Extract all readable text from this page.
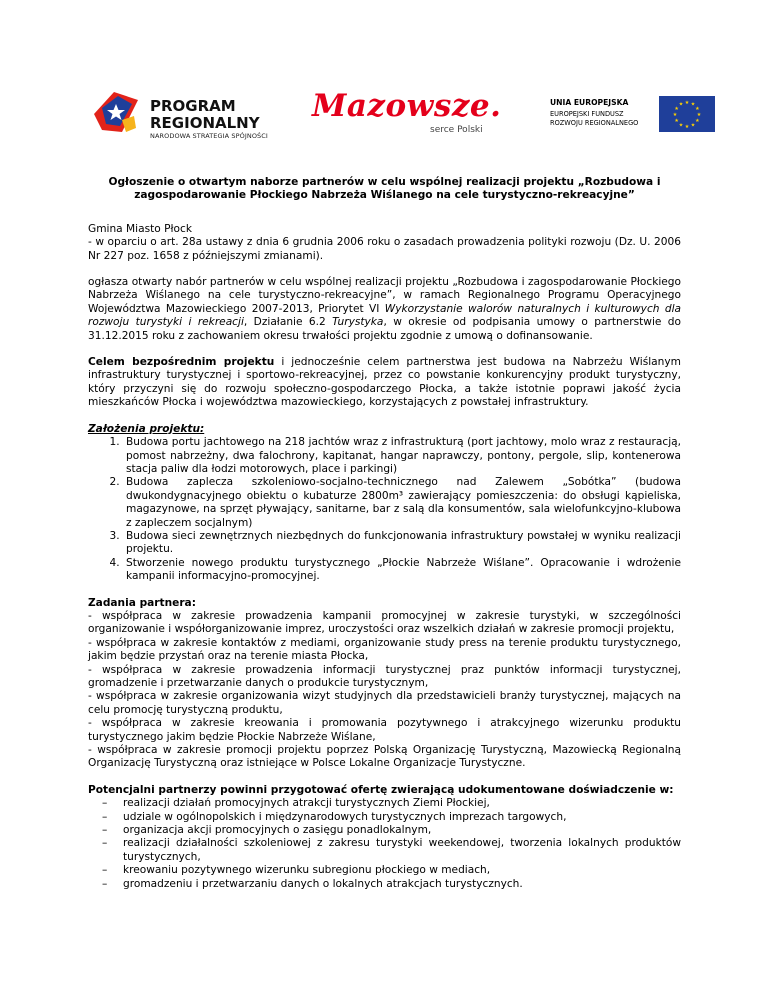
PROGRAM
REGIONALNY
NARODOWA STRATEGIA SPÓJNOŚCI
Mazowsze.
serce Polski
UNIA EUROPEJSKA
EUROPEJSKI FUNDUSZ
ROZWOJU REGIONALNEGO
★ ★
★
★
★
★
★
★
★
★
★
★
Ogłoszenie o otwartym naborze partnerów w celu wspólnej realizacji projektu „Rozbudowa i zagospodarowanie Płockiego Nabrzeża Wiślanego na cele turystyczno-rekreacyjne”

Gmina Miasto Płock
- w oparciu o art. 28a ustawy z dnia 6 grudnia 2006 roku o zasadach prowadzenia polityki rozwoju (Dz. U. 2006 Nr 227 poz. 1658 z późniejszymi zmianami).

ogłasza otwarty nabór partnerów w celu wspólnej realizacji projektu „Rozbudowa i zagospodarowanie Płockiego Nabrzeża Wiślanego na cele turystyczno-rekreacyjne”, w ramach Regionalnego Programu Operacyjnego Województwa Mazowieckiego 2007-2013, Priorytet VI Wykorzystanie walorów naturalnych i kulturowych dla rozwoju turystyki i rekreacji, Działanie 6.2 Turystyka, w okresie od podpisania umowy o partnerstwie do 31.12.2015 roku z zachowaniem okresu trwałości projektu zgodnie z umową o dofinansowanie.

Celem bezpośrednim projektu i jednocześnie celem partnerstwa jest budowa na Nabrzeżu Wiślanym infrastruktury turystycznej i sportowo-rekreacyjnej, przez co powstanie konkurencyjny produkt turystyczny, który przyczyni się do rozwoju społeczno-gospodarczego Płocka, a także istotnie poprawi jakość życia mieszkańców Płocka i województwa mazowieckiego, korzystających z powstałej infrastruktury.

Założenia projektu:
1. Budowa portu jachtowego na 218 jachtów wraz z infrastrukturą (port jachtowy, molo wraz z restauracją, pomost nabrzeżny, dwa falochrony, kapitanat, hangar naprawczy, pontony, pergole, slip, kontenerowa stacja paliw dla łodzi motorowych, place i parkingi)
2. Budowa zaplecza szkoleniowo-socjalno-technicznego nad Zalewem „Sobótka” (budowa dwukondygnacyjnego obiektu o kubaturze 2800m³ zawierający pomieszczenia: do obsługi kąpieliska, magazynowe, na sprzęt pływający, sanitarne, bar z salą dla konsumentów, sala wielofunkcyjno-klubowa z zapleczem socjalnym)
3. Budowa sieci zewnętrznych niezbędnych do funkcjonowania infrastruktury powstałej w wyniku realizacji projektu.
4. Stworzenie nowego produktu turystycznego „Płockie Nabrzeże Wiślane”. Opracowanie i wdrożenie kampanii informacyjno-promocyjnej.
Zadania partnera:
- współpraca w zakresie prowadzenia kampanii promocyjnej w zakresie turystyki, w szczególności organizowanie i współorganizowanie imprez, uroczystości oraz wszelkich działań w zakresie promocji projektu,
- współpraca w zakresie kontaktów z mediami, organizowanie study press na terenie produktu turystycznego, jakim będzie przystań oraz na terenie miasta Płocka,
- współpraca w zakresie prowadzenia informacji turystycznej praz punktów informacji turystycznej, gromadzenie i przetwarzanie danych o produkcie turystycznym,
- współpraca w zakresie organizowania wizyt studyjnych dla przedstawicieli branży turystycznej, mających na celu promocję turystyczną produktu,
- współpraca w zakresie kreowania i promowania pozytywnego i atrakcyjnego wizerunku produktu turystycznego jakim będzie Płockie Nabrzeże Wiślane,
- współpraca w zakresie promocji projektu poprzez Polską Organizację Turystyczną, Mazowiecką Regionalną Organizację Turystyczną oraz istniejące w Polsce Lokalne Organizacje Turystyczne.
Potencjalni partnerzy powinni przygotować ofertę zwierającą udokumentowane doświadczenie w:
– realizacji działań promocyjnych atrakcji turystycznych Ziemi Płockiej,
– udziale w ogólnopolskich i międzynarodowych turystycznych imprezach targowych,
– organizacja akcji promocyjnych o zasięgu ponadlokalnym,
– realizacji działalności szkoleniowej z zakresu turystyki weekendowej, tworzenia lokalnych produktów turystycznych,
– kreowaniu pozytywnego wizerunku subregionu płockiego w mediach,
– gromadzeniu i przetwarzaniu danych o lokalnych atrakcjach turystycznych.
